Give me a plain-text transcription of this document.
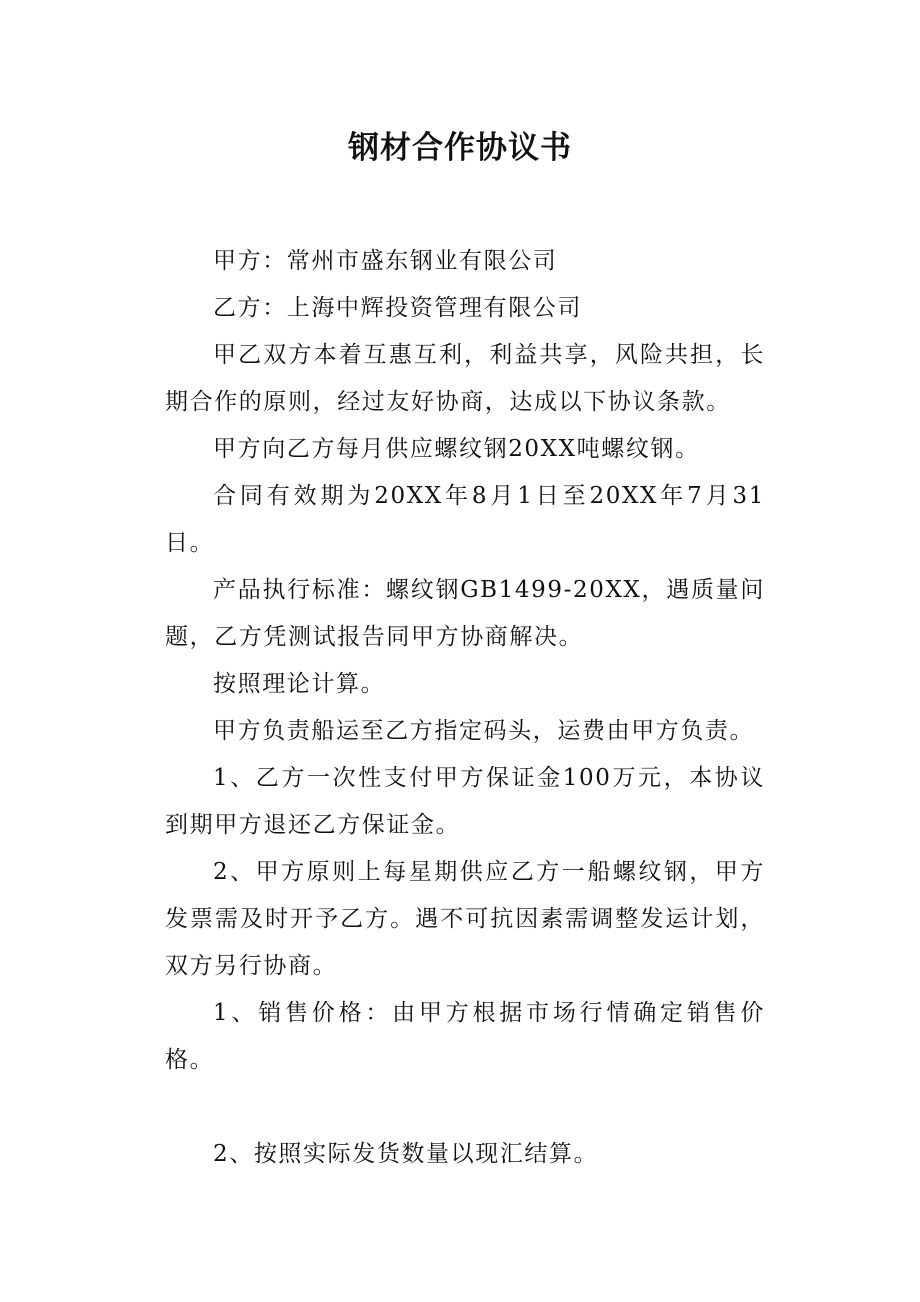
钢材合作协议书

甲方：常州市盛东钢业有限公司

乙方：上海中辉投资管理有限公司

甲乙双方本着互惠互利，利益共享，风险共担，长期合作的原则，经过友好协商，达成以下协议条款。

甲方向乙方每月供应螺纹钢20XX吨螺纹钢。

合同有效期为20XX年8月1日至20XX年7月31日。

产品执行标准：螺纹钢GB1499-20XX，遇质量问题，乙方凭测试报告同甲方协商解决。

按照理论计算。

甲方负责船运至乙方指定码头，运费由甲方负责。

1、乙方一次性支付甲方保证金100万元，本协议到期甲方退还乙方保证金。

2、甲方原则上每星期供应乙方一船螺纹钢，甲方发票需及时开予乙方。遇不可抗因素需调整发运计划，双方另行协商。

1、销售价格：由甲方根据市场行情确定销售价格。

2、按照实际发货数量以现汇结算。
